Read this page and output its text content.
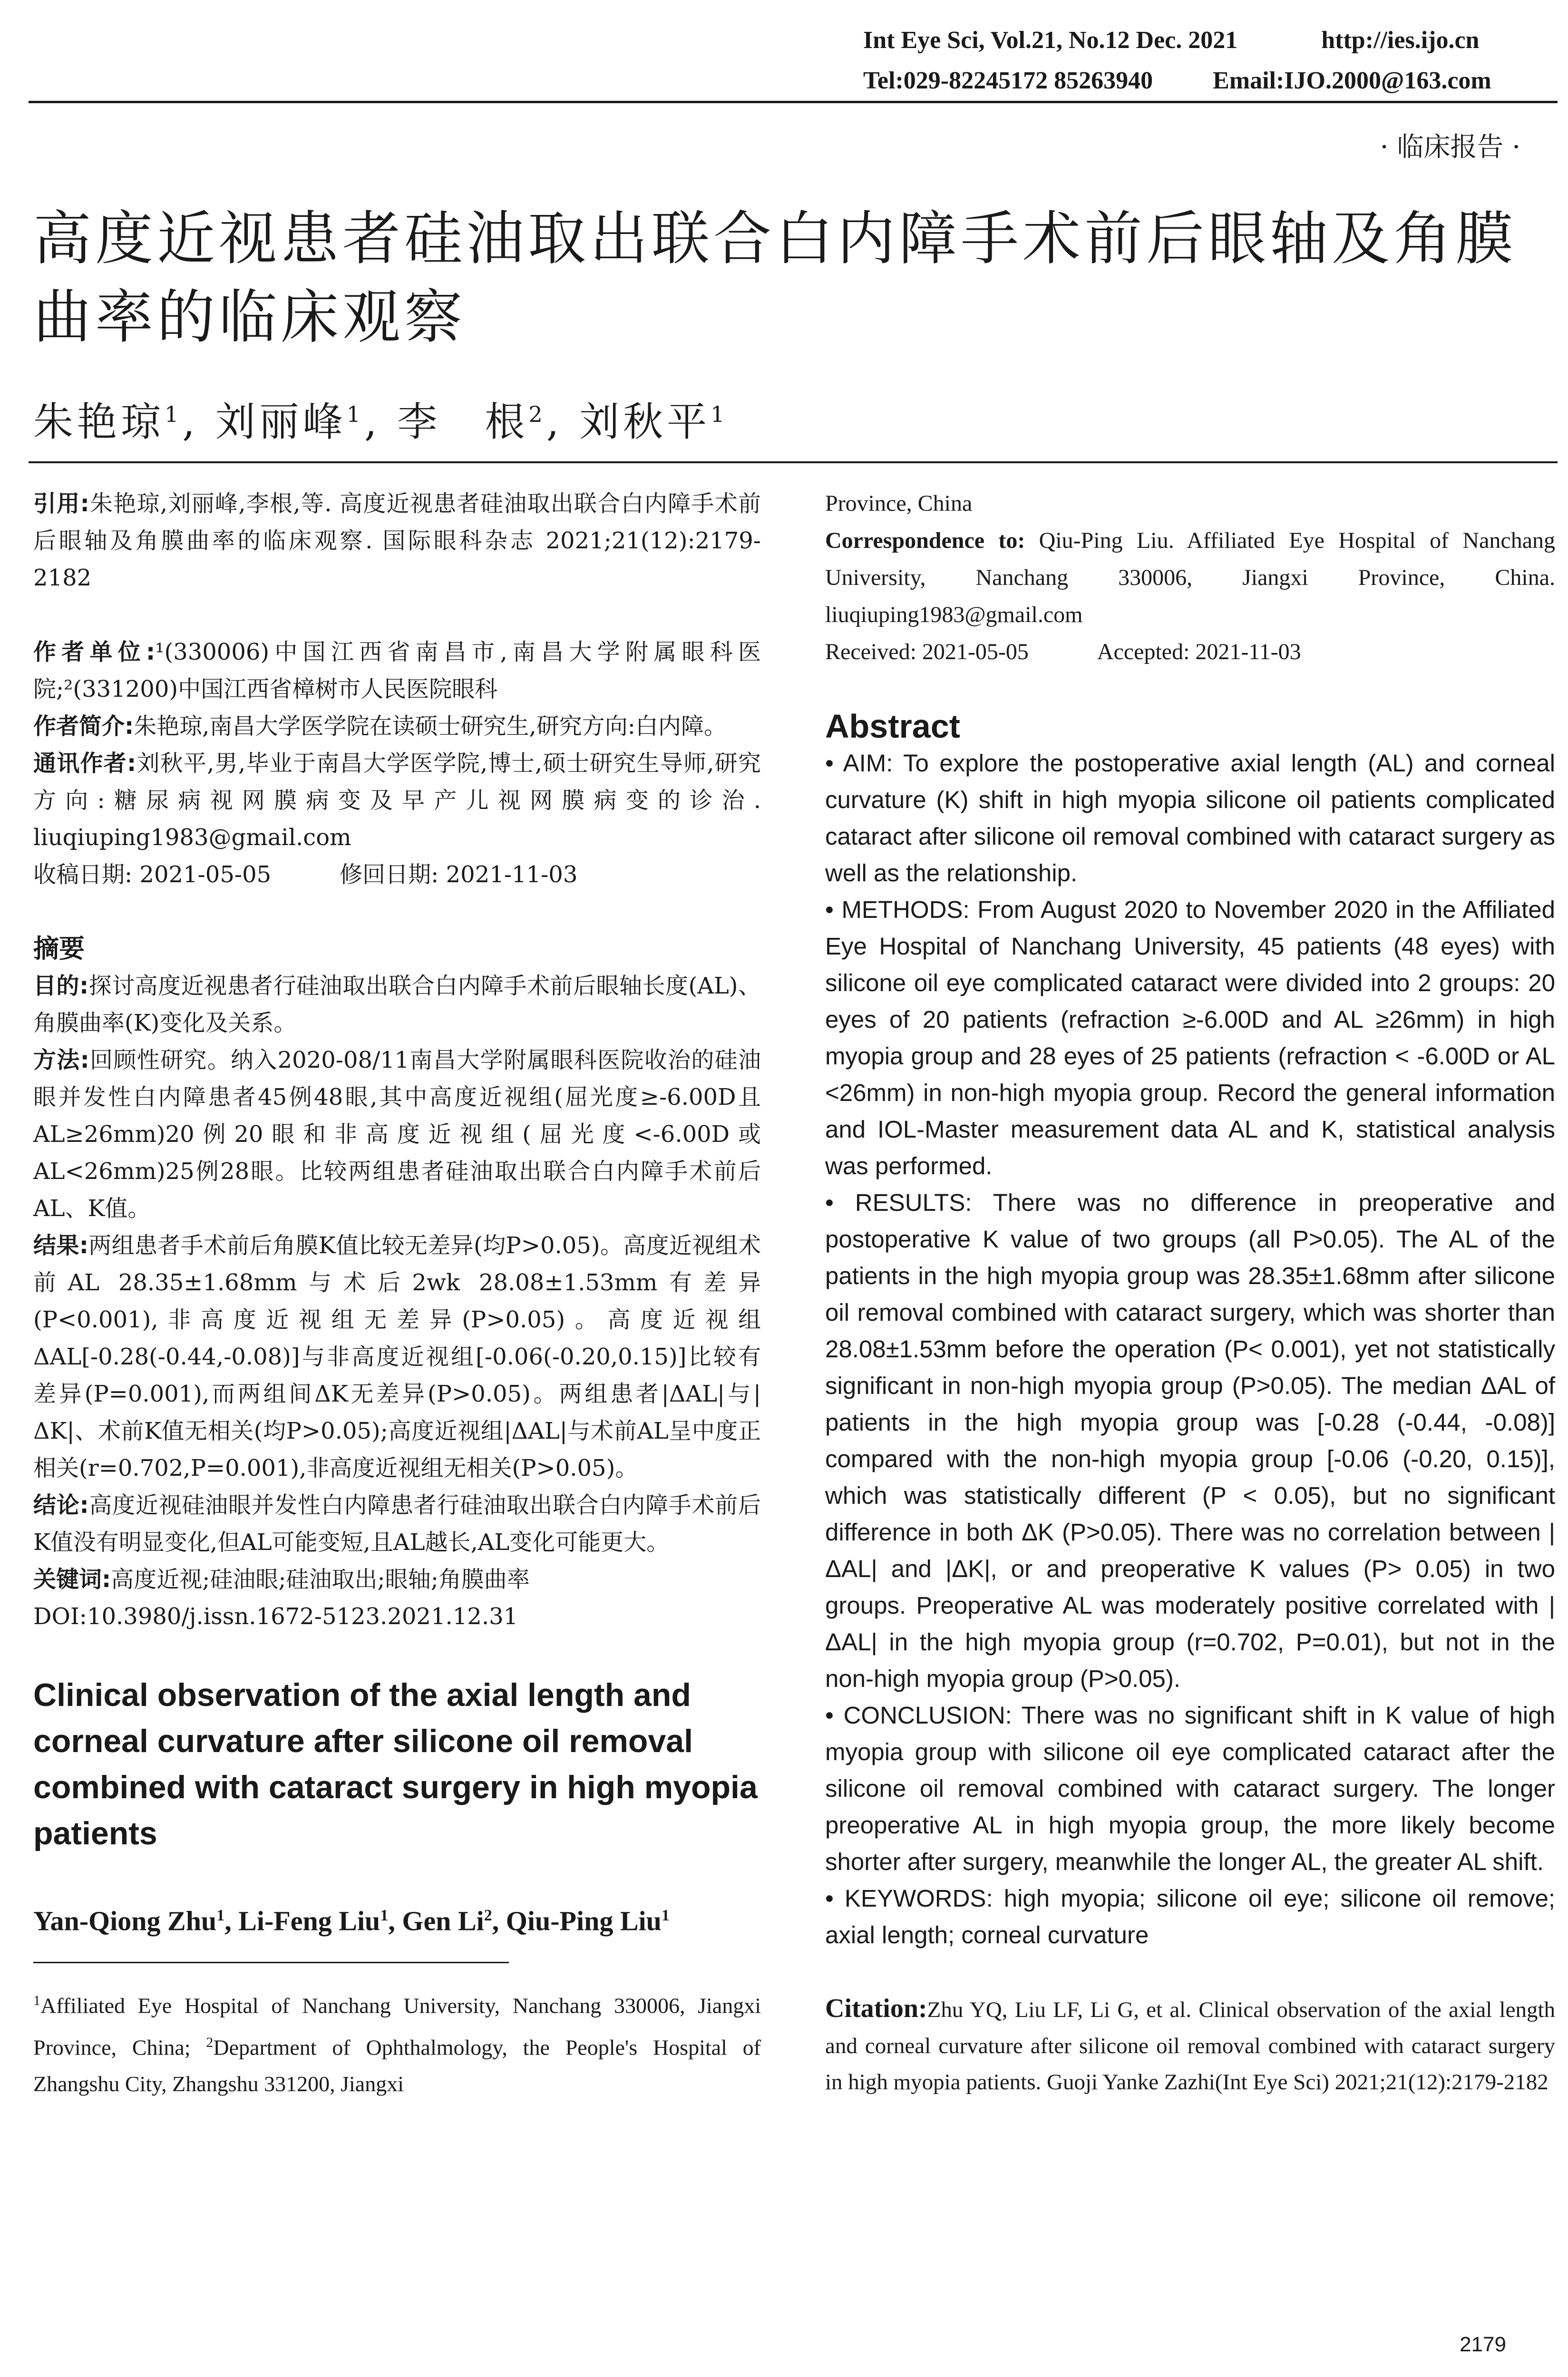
Int Eye Sci, Vol.21, No.12 Dec. 2021	http://ies.ijo.cn
Tel:029-82245172 85263940 Email:IJO.2000@163.com
· 临床报告 ·
高度近视患者硅油取出联合白内障手术前后眼轴及角膜
曲率的临床观察
朱艳琼$^1$, 刘丽峰$^1$, 李　根$^2$, 刘秋平$^1$

引用:朱艳琼,刘丽峰,李根,等. 高度近视患者硅油取出联合白内障手术前后眼轴及角膜曲率的临床观察. 国际眼科杂志 2021;21(12):2179-2182

作者单位:¹(330006)中国江西省南昌市,南昌大学附属眼科医院;²(331200)中国江西省樟树市人民医院眼科

作者简介:朱艳琼,南昌大学医学院在读硕士研究生,研究方向:白内障。

通讯作者:刘秋平,男,毕业于南昌大学医学院,博士,硕士研究生导师,研究方向:糖尿病视网膜病变及早产儿视网膜病变的诊治. liuqiuping1983@gmail.com

收稿日期: 2021-05-05　　　修回日期: 2021-11-03

摘要

目的:探讨高度近视患者行硅油取出联合白内障手术前后眼轴长度(AL)、角膜曲率(K)变化及关系。

方法:回顾性研究。纳入2020-08/11南昌大学附属眼科医院收治的硅油眼并发性白内障患者45例48眼,其中高度近视组(屈光度≥-6.00D且AL≥26mm)20例20眼和非高度近视组(屈光度<-6.00D或AL<26mm)25例28眼。比较两组患者硅油取出联合白内障手术前后AL、K值。

结果:两组患者手术前后角膜K值比较无差异(均P>0.05)。高度近视组术前AL 28.35±1.68mm与术后2wk 28.08±1.53mm有差异(P<0.001),非高度近视组无差异(P>0.05)。高度近视组ΔAL[-0.28(-0.44,-0.08)]与非高度近视组[-0.06(-0.20,0.15)]比较有差异(P=0.001),而两组间ΔK无差异(P>0.05)。两组患者|ΔAL|与|ΔK|、术前K值无相关(均P>0.05);高度近视组|ΔAL|与术前AL呈中度正相关(r=0.702,P=0.001),非高度近视组无相关(P>0.05)。

结论:高度近视硅油眼并发性白内障患者行硅油取出联合白内障手术前后K值没有明显变化,但AL可能变短,且AL越长,AL变化可能更大。

关键词:高度近视;硅油眼;硅油取出;眼轴;角膜曲率

DOI:10.3980/j.issn.1672-5123.2021.12.31

Clinical observation of the axial length and corneal curvature after silicone oil removal combined with cataract surgery in high myopia patients

Yan-Qiong Zhu$^1$, Li-Feng Liu$^1$, Gen Li$^2$, Qiu-Ping Liu$^1$

$^1$Affiliated Eye Hospital of Nanchang University, Nanchang 330006, Jiangxi Province, China; $^2$Department of Ophthalmology, the People's Hospital of Zhangshu City, Zhangshu 331200, Jiangxi

Province, China

Correspondence to: Qiu-Ping Liu. Affiliated Eye Hospital of Nanchang University, Nanchang 330006, Jiangxi Province, China. liuqiuping1983@gmail.com

Received: 2021-05-05　　　Accepted: 2021-11-03

Abstract

• AIM: To explore the postoperative axial length (AL) and corneal curvature (K) shift in high myopia silicone oil patients complicated cataract after silicone oil removal combined with cataract surgery as well as the relationship.

• METHODS: From August 2020 to November 2020 in the Affiliated Eye Hospital of Nanchang University, 45 patients (48 eyes) with silicone oil eye complicated cataract were divided into 2 groups: 20 eyes of 20 patients (refraction ≥-6.00D and AL ≥26mm) in high myopia group and 28 eyes of 25 patients (refraction < -6.00D or AL <26mm) in non-high myopia group. Record the general information and IOL-Master measurement data AL and K, statistical analysis was performed.

• RESULTS: There was no difference in preoperative and postoperative K value of two groups (all P>0.05). The AL of the patients in the high myopia group was 28.35±1.68mm after silicone oil removal combined with cataract surgery, which was shorter than 28.08±1.53mm before the operation (P< 0.001), yet not statistically significant in non-high myopia group (P>0.05). The median ΔAL of patients in the high myopia group was [-0.28 (-0.44, -0.08)] compared with the non-high myopia group [-0.06 (-0.20, 0.15)], which was statistically different (P < 0.05), but no significant difference in both ΔK (P>0.05). There was no correlation between |ΔAL| and |ΔK|, or and preoperative K values (P> 0.05) in two groups. Preoperative AL was moderately positive correlated with |ΔAL| in the high myopia group (r=0.702, P=0.01), but not in the non-high myopia group (P>0.05).

• CONCLUSION: There was no significant shift in K value of high myopia group with silicone oil eye complicated cataract after the silicone oil removal combined with cataract surgery. The longer preoperative AL in high myopia group, the more likely become shorter after surgery, meanwhile the longer AL, the greater AL shift.

• KEYWORDS: high myopia; silicone oil eye; silicone oil remove; axial length; corneal curvature

Citation:Zhu YQ, Liu LF, Li G, et al. Clinical observation of the axial length and corneal curvature after silicone oil removal combined with cataract surgery in high myopia patients. Guoji Yanke Zazhi(Int Eye Sci) 2021;21(12):2179-2182

2179
